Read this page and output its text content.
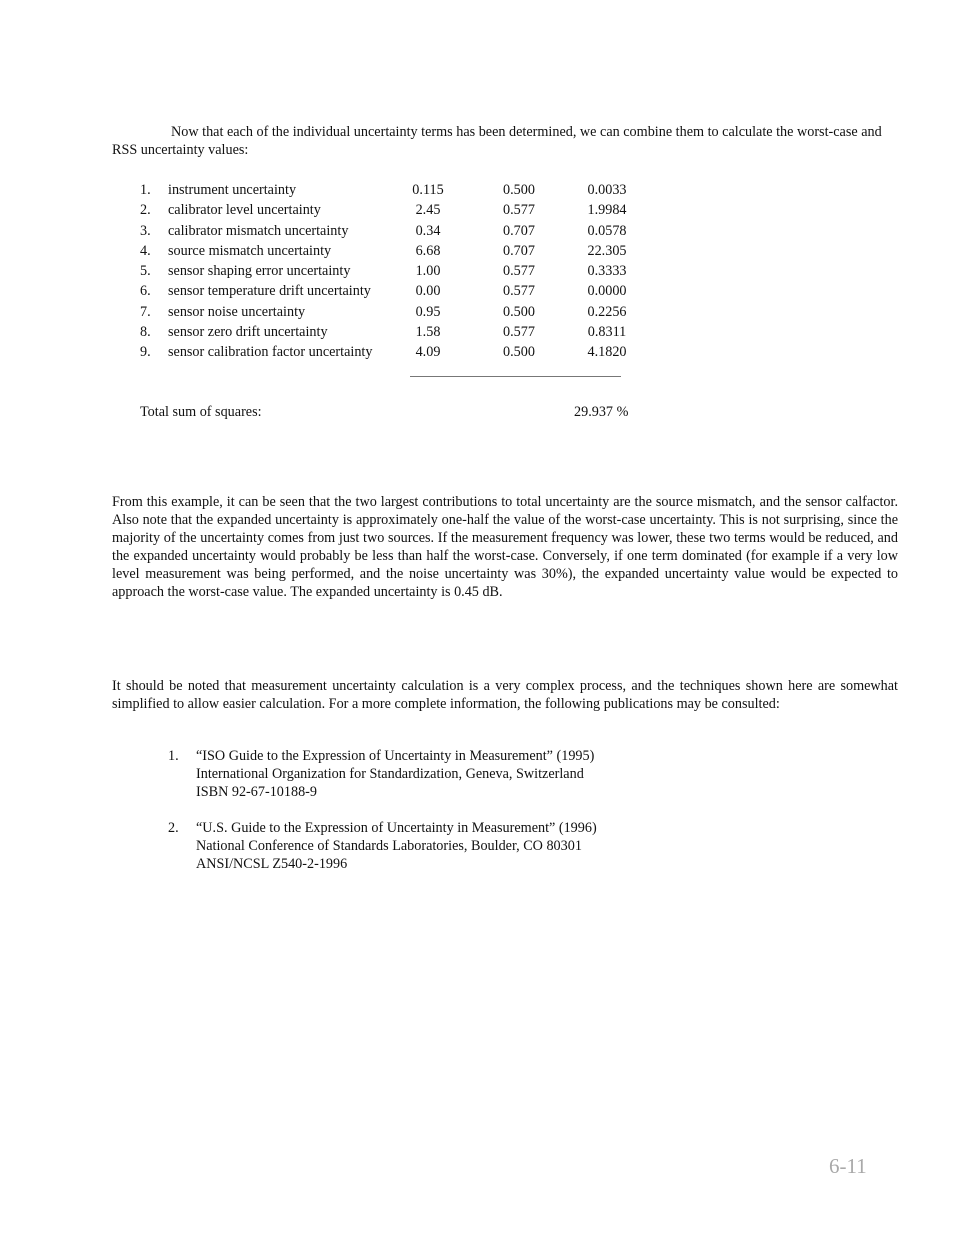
Now that each of the individual uncertainty terms has been determined, we can combine them to calculate the worst-case and RSS uncertainty values:

1. instrument uncertainty	0.115	0.500	0.0033
2. calibrator level uncertainty	2.45	0.577	1.9984
3. calibrator mismatch uncertainty	0.34	0.707	0.0578
4. source mismatch uncertainty	6.68	0.707	22.305
5. sensor shaping error uncertainty	1.00	0.577	0.3333
6. sensor temperature drift uncertainty	0.00	0.577	0.0000
7. sensor noise uncertainty	0.95	0.500	0.2256
8. sensor zero drift uncertainty	1.58	0.577	0.8311
9. sensor calibration factor uncertainty	4.09	0.500	4.1820
Total sum of squares:	29.937 %

From this example, it can be seen that the two largest contributions to total uncertainty are the source mismatch, and the sensor calfactor. Also note that the expanded uncertainty is approximately one-half the value of the worst-case uncertainty. This is not surprising, since the majority of the uncertainty comes from just two sources. If the measurement frequency was lower, these two terms would be reduced, and the expanded uncertainty would probably be less than half the worst-case. Conversely, if one term dominated (for example if a very low level measurement was being performed, and the noise uncertainty was 30%), the expanded uncertainty value would be expected to approach the worst-case value. The expanded uncertainty is 0.45 dB.

It should be noted that measurement uncertainty calculation is a very complex process, and the techniques shown here are somewhat simplified to allow easier calculation. For a more complete information, the following publications may be consulted:

1. “ISO Guide to the Expression of Uncertainty in Measurement” (1995)
International Organization for Standardization, Geneva, Switzerland
ISBN 92-67-10188-9
2. “U.S. Guide to the Expression of Uncertainty in Measurement” (1996)
National Conference of Standards Laboratories, Boulder, CO 80301
ANSI/NCSL Z540-2-1996
6-11
